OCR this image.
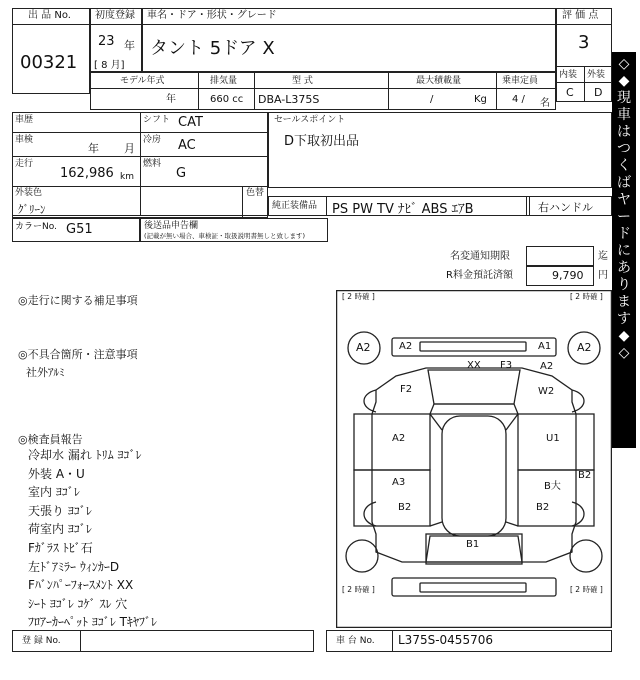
出 品 No.
00321
初度登録
23 年
[ 8 月]
車名・ドア・形状・グレード
タント 5ドア X
評 価 点
3
内装 外装
C D
モデル年式
年
排気量
660 cc
型 式
DBA-L375S
最大積載量
/	Kg
乗車定員
4 / 名
車歴
車検
年 月
走行
162,986 km
シフト CAT
冷房 AC
燃料
G
セールスポイント
D下取初出品
外装色
ｸﾞﾘｰﾝ
色替
純正装備品 PS PW TV ﾅﾋﾞ ABS ｴｱB	右ハンドル
カラーNo. G51	後送品申告欄
(記載が無い場合、車検証・取扱説明書無しと致します)
名変通知期限	迄
R料金預託済額	9,790 円
◇
◆
現
車
は
つ
く
ば
ヤ
ー
ド
に
あ
り
ま
す
◆
◇
◎走行に関する補足事項
◎不具合箇所・注意事項
社外ｱﾙﾐ
◎検査員報告
冷却水 漏れ ﾄﾘﾑ ﾖｺﾞﾚ
外装 A・U
室内 ﾖｺﾞﾚ
天張り ﾖｺﾞﾚ
荷室内 ﾖｺﾞﾚ
Fｶﾞﾗｽ ﾄﾋﾞ石
左ﾄﾞｱﾐﾗｰ ｳｨﾝｶｰD
Fﾊﾞﾝﾊﾟｰﾌｫｰｽﾒﾝﾄ XX
ｼｰﾄ ﾖｺﾞﾚ ｺｹﾞ ｽﾚ 穴
ﾌﾛｱｰｶｰﾍﾟｯﾄ ﾖｺﾞﾚ Tｷﾔﾌﾞﾚ
[ 2 時確 ]	[ 2 時確 ]
[ 2 時確 ]	[ 2 時確 ]
A2	A2
A2	A1
XX F3
F2
A2
W2
A2	U1
A3	B大
B2	B2
B2
B1
登 録 No.	車 台 No. L375S-0455706
